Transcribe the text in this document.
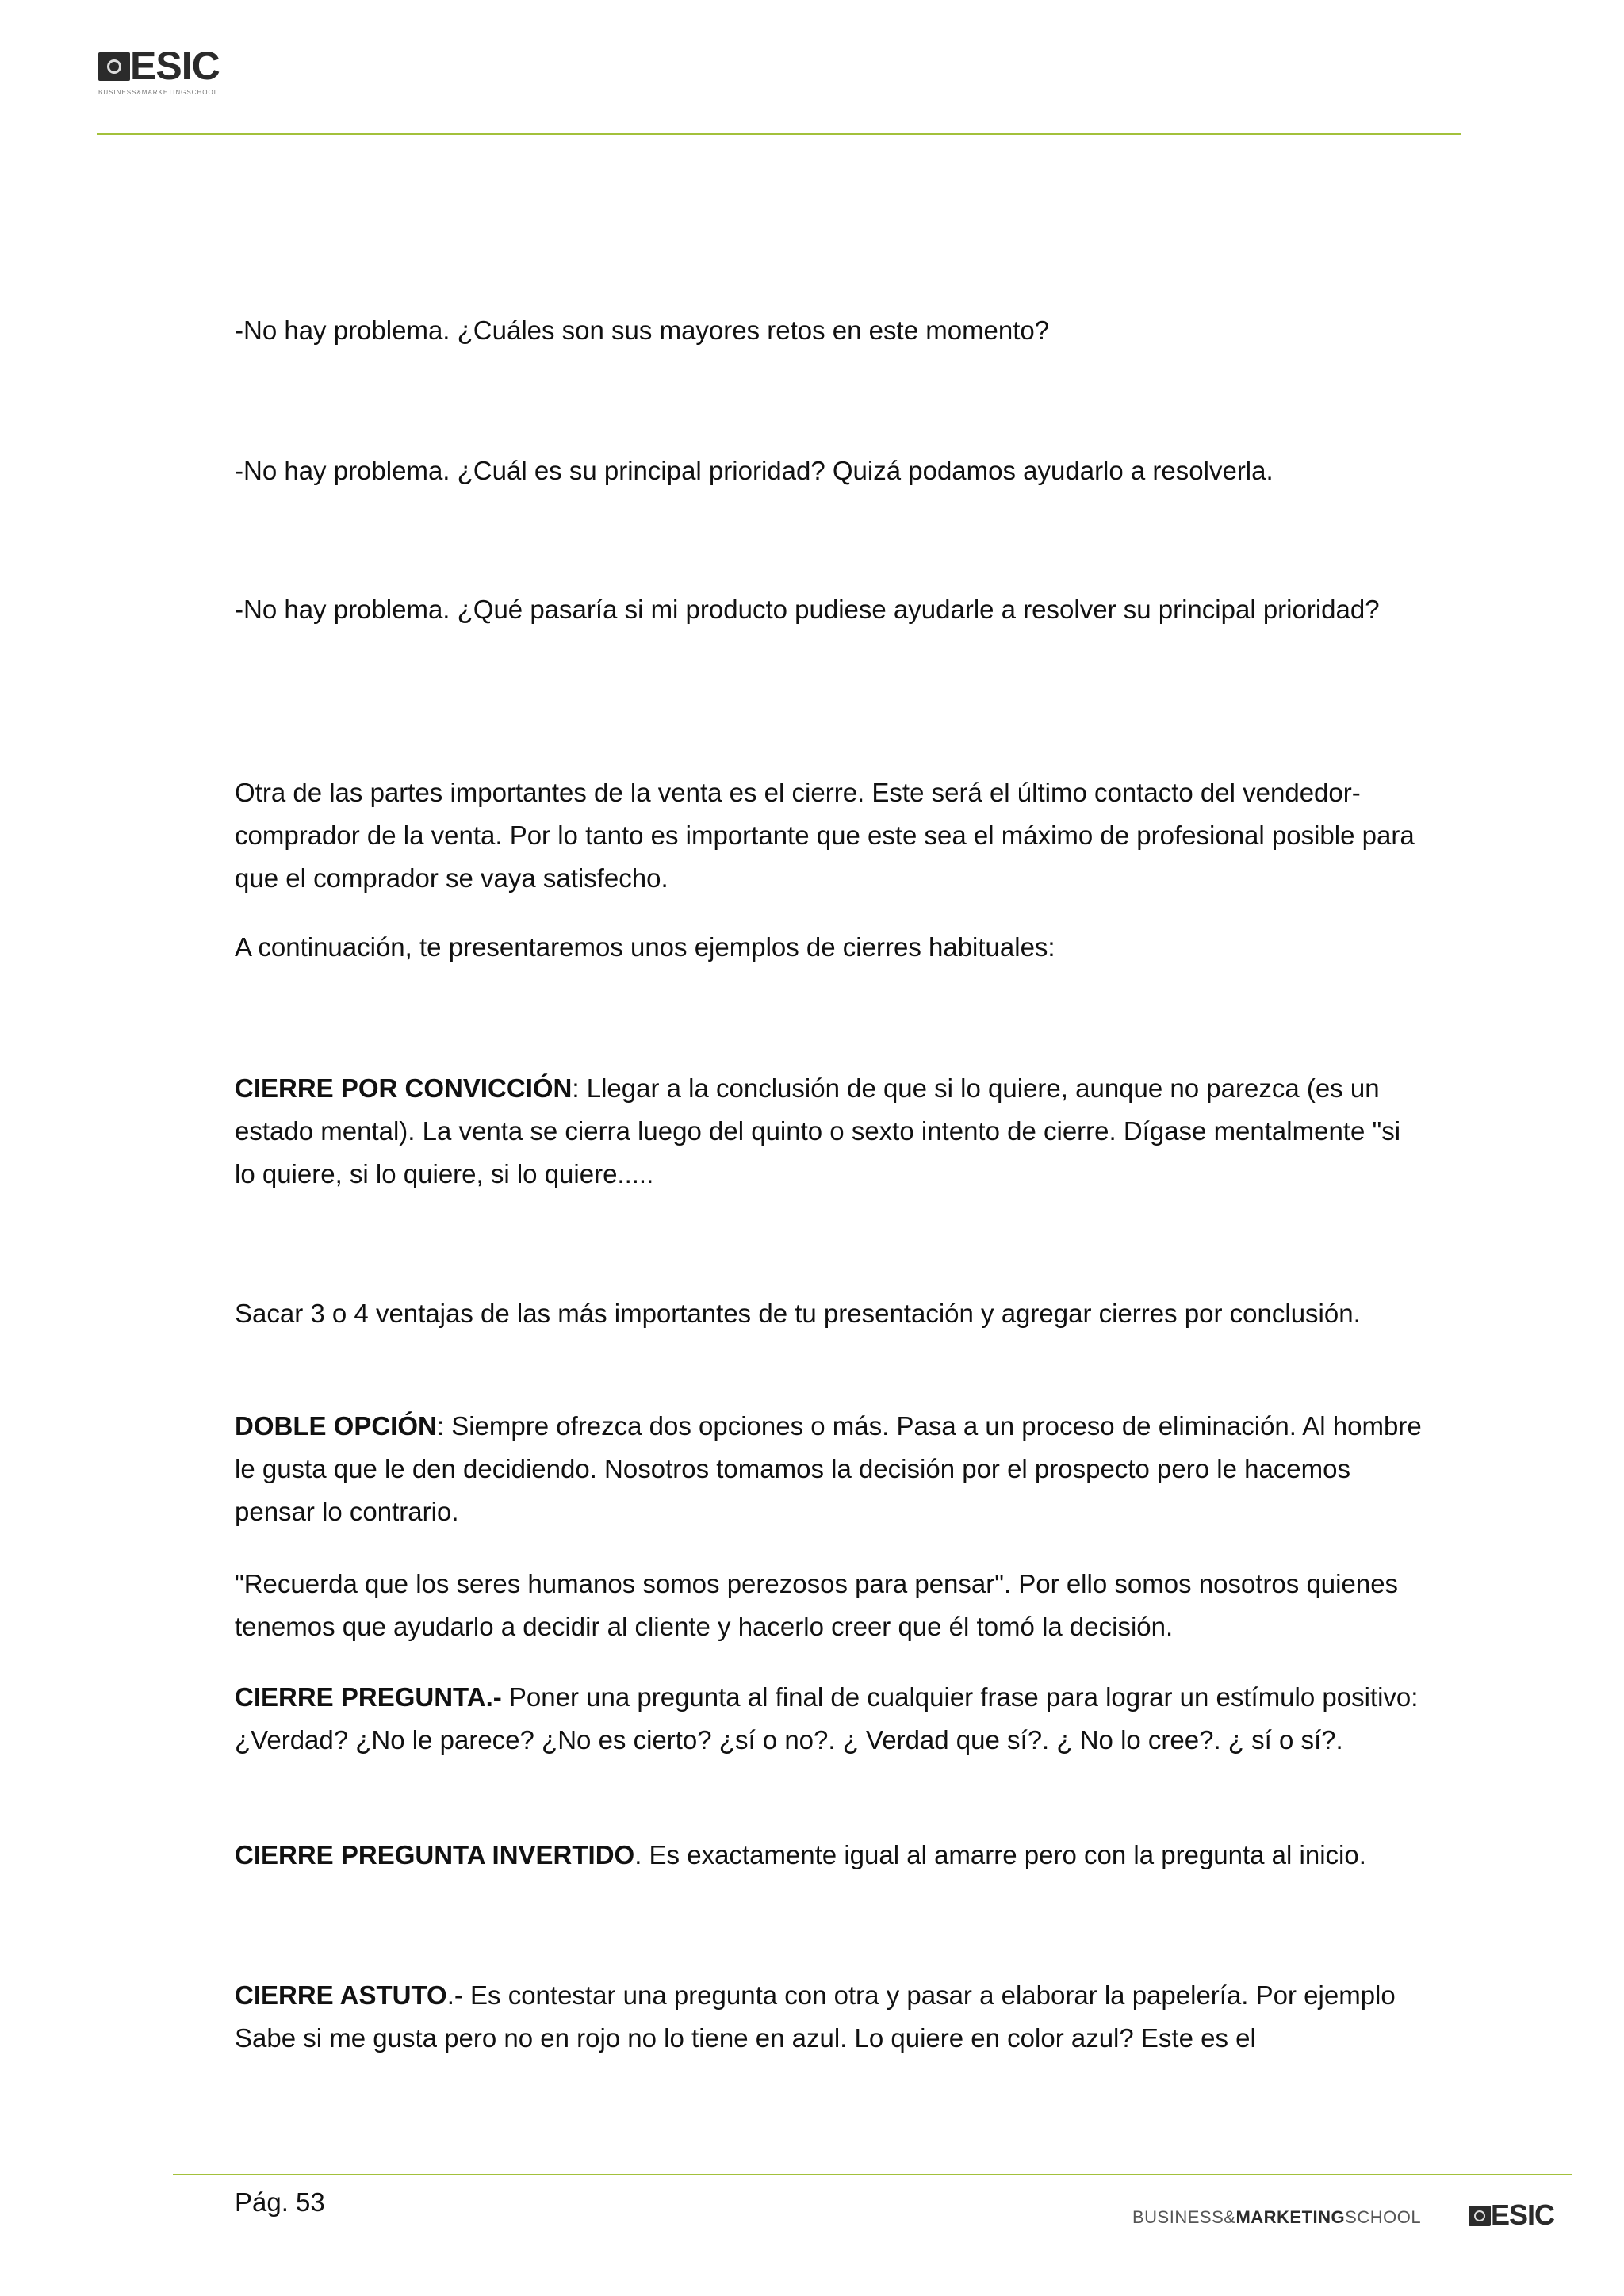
ESIC
BUSINESS&MARKETINGSCHOOL

-No hay problema. ¿Cuáles son sus mayores retos en este momento?

-No hay problema. ¿Cuál es su principal prioridad? Quizá podamos ayudarlo a resolverla.

-No hay problema. ¿Qué pasaría si mi producto pudiese ayudarle a resolver su principal prioridad?

Otra de las partes importantes de la venta es el cierre. Este será el último contacto del vendedor-comprador de la venta. Por lo tanto es importante que este sea el máximo de profesional posible para que el comprador se vaya satisfecho.

A continuación, te presentaremos unos ejemplos de cierres habituales:

CIERRE POR CONVICCIÓN: Llegar a la conclusión de que si lo quiere, aunque no parezca (es un estado mental). La venta se cierra luego del quinto o sexto intento de cierre. Dígase mentalmente "si lo quiere, si lo quiere, si lo quiere.....

Sacar 3 o 4 ventajas de las más importantes de tu presentación y agregar cierres por conclusión.

DOBLE OPCIÓN: Siempre ofrezca dos opciones o más. Pasa a un proceso de eliminación. Al hombre le gusta que le den decidiendo. Nosotros tomamos la decisión por el prospecto pero le hacemos pensar lo contrario.

"Recuerda que los seres humanos somos perezosos para pensar". Por ello somos nosotros quienes tenemos que ayudarlo a decidir al cliente y hacerlo creer que él tomó la decisión.

CIERRE PREGUNTA.- Poner una pregunta al final de cualquier frase para lograr un estímulo positivo: ¿Verdad? ¿No le parece? ¿No es cierto? ¿sí o no?. ¿ Verdad que sí?. ¿ No lo cree?. ¿ sí o sí?.

CIERRE PREGUNTA INVERTIDO. Es exactamente igual al amarre pero con la pregunta al inicio.

CIERRE ASTUTO.- Es contestar una pregunta con otra y pasar a elaborar la papelería. Por ejemplo Sabe si me gusta pero no en rojo no lo tiene en azul. Lo quiere en color azul? Este es el

Pág. 53
BUSINESS&MARKETINGSCHOOL ESIC
